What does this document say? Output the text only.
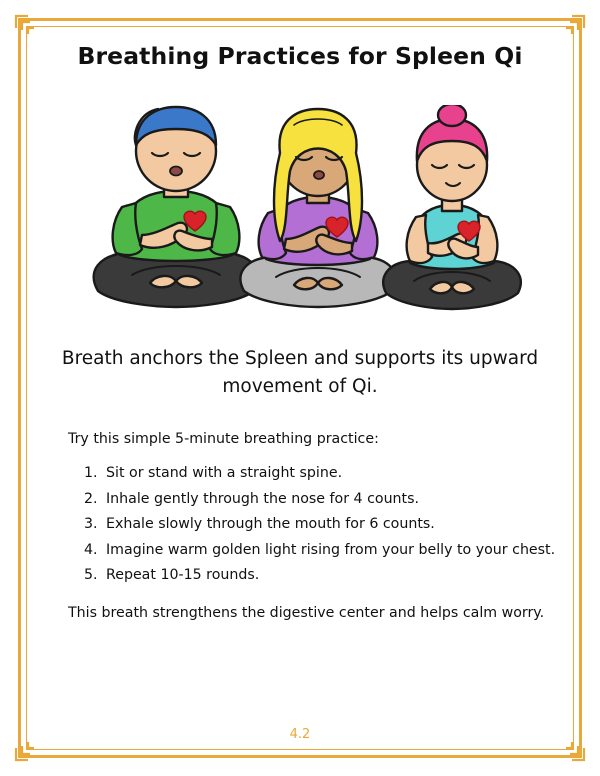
Breathing Practices for Spleen Qi

Breath anchors the Spleen and supports its upward movement of Qi.

Try this simple 5-minute breathing practice:

1. Sit or stand with a straight spine.
2. Inhale gently through the nose for 4 counts.
3. Exhale slowly through the mouth for 6 counts.
4. Imagine warm golden light rising from your belly to your chest.
5. Repeat 10-15 rounds.

This breath strengthens the digestive center and helps calm worry.

4.2
